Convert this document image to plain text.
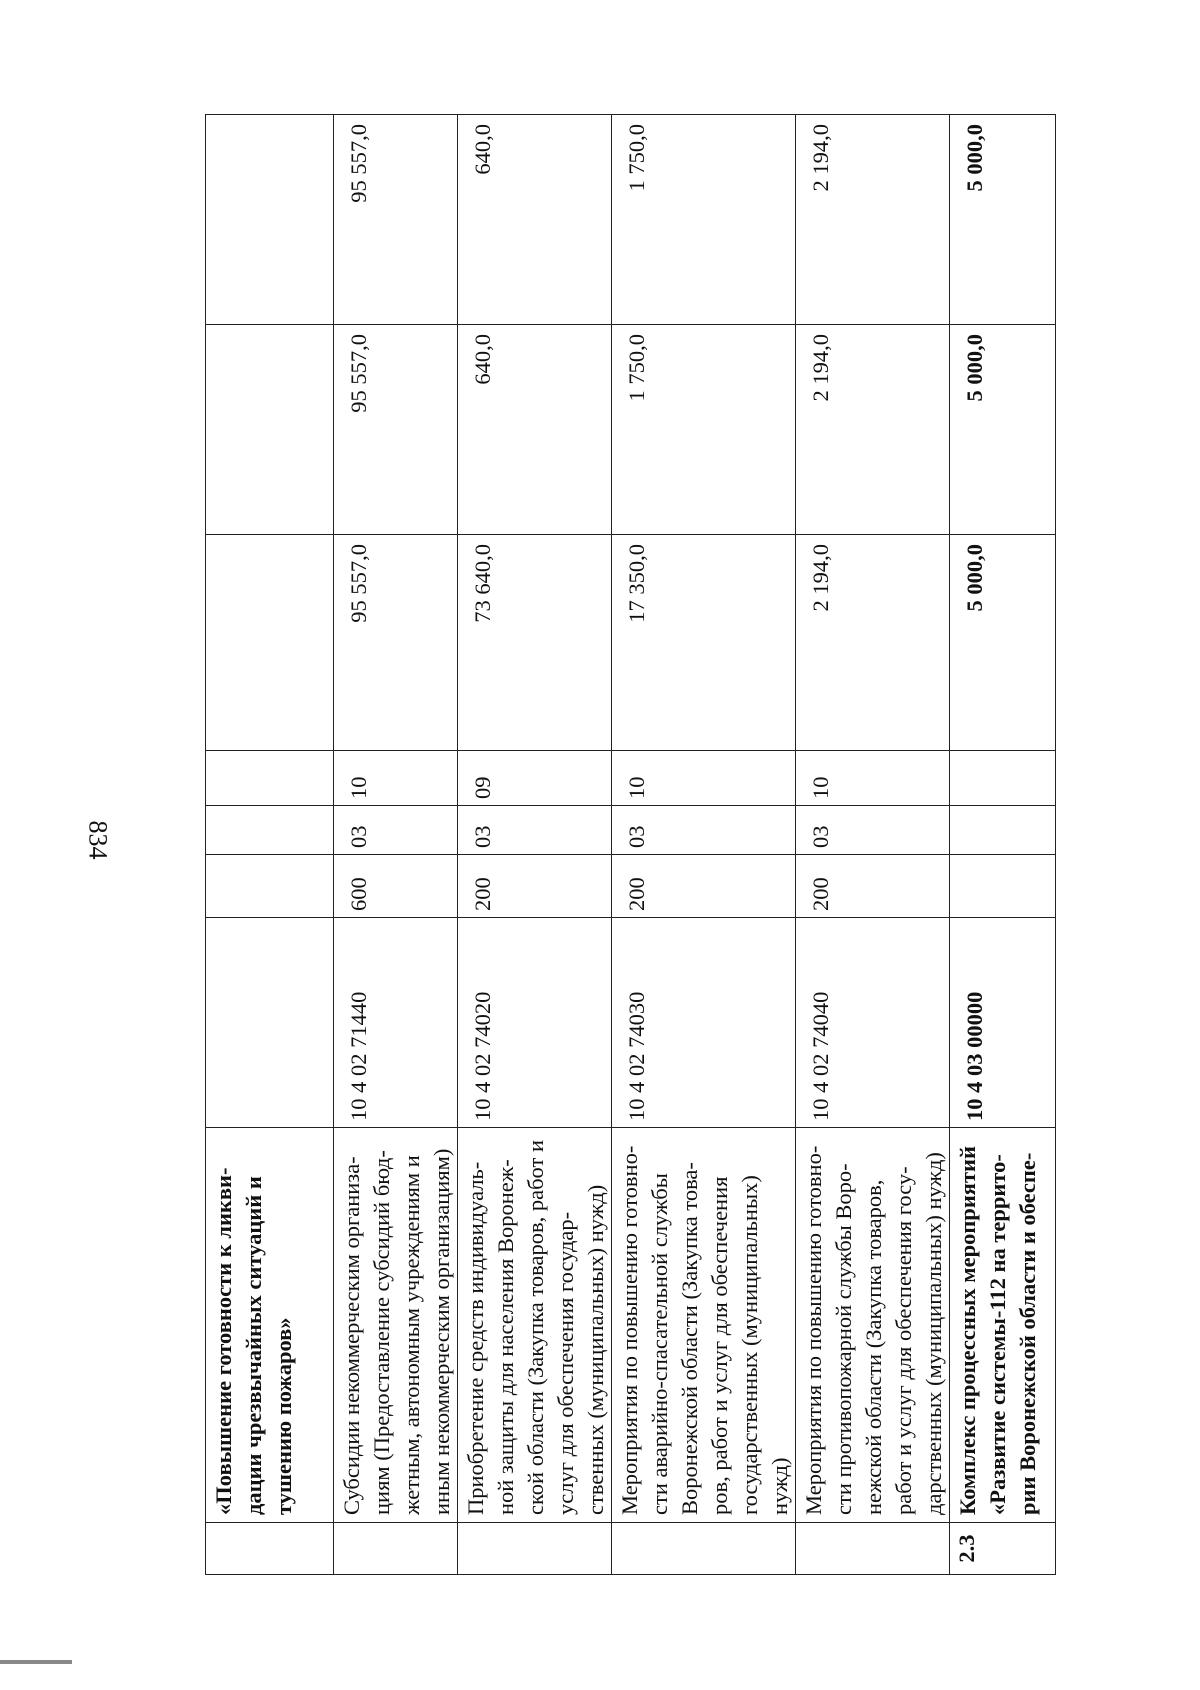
834
	«Повышение готовности к ликви-дации чрезвычайных ситуаций и тушению пожаров»							
	Субсидии некоммерческим организа-циям (Предоставление субсидий бюд-жетным, автономным учреждениям и иным некоммерческим организациям)	10 4 02 71440	600	03	10	95 557,0	95 557,0	95 557,0
	Приобретение средств индивидуаль-ной защиты для населения Воронеж-ской области (Закупка товаров, работ и услуг для обеспечения государ-ственных (муниципальных) нужд)	10 4 02 74020	200	03	09	73 640,0	640,0	640,0
	Мероприятия по повышению готовно-сти аварийно-спасательной службы Воронежской области (Закупка това-ров, работ и услуг для обеспечения государственных (муниципальных) нужд)	10 4 02 74030	200	03	10	17 350,0	1 750,0	1 750,0
	Мероприятия по повышению готовно-сти противопожарной службы Воро-нежской области (Закупка товаров, работ и услуг для обеспечения госу-дарственных (муниципальных) нужд)	10 4 02 74040	200	03	10	2 194,0	2 194,0	2 194,0
2.3	Комплекс процессных мероприятий «Развитие системы-112 на террито-рии Воронежской области и обеспе-	10 4 03 00000				5 000,0	5 000,0	5 000,0
